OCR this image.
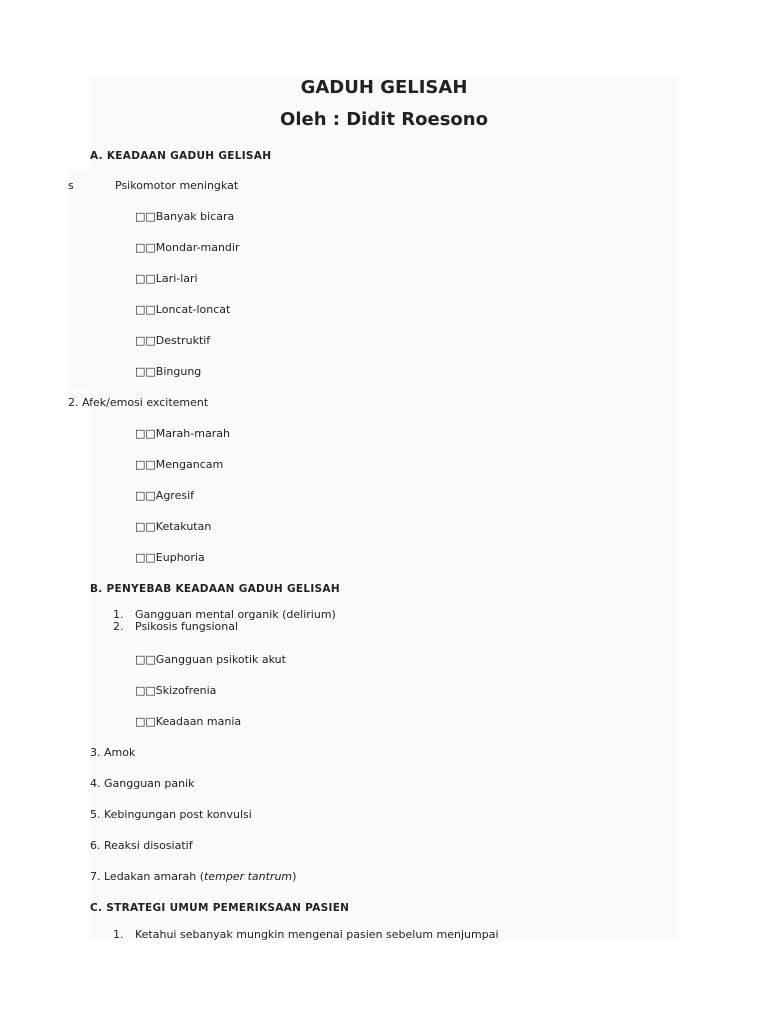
GADUH GELISAH
Oleh : Didit Roesono

A. KEADAAN GADUH GELISAH

s	Psikomotor meningkat

□□Banyak bicara

□□Mondar-mandir

□□Lari-lari

□□Loncat-loncat

□□Destruktif

□□Bingung

2. Afek/emosi excitement

□□Marah-marah

□□Mengancam

□□Agresif

□□Ketakutan

□□Euphoria

B. PENYEBAB KEADAAN GADUH GELISAH

1. Gangguan mental organik (delirium)

2. Psikosis fungsional

□□Gangguan psikotik akut

□□Skizofrenia

□□Keadaan mania

3. Amok

4. Gangguan panik

5. Kebingungan post konvulsi

6. Reaksi disosiatif

7. Ledakan amarah (temper tantrum)

C. STRATEGI UMUM PEMERIKSAAN PASIEN

1. Ketahui sebanyak mungkin mengenai pasien sebelum menjumpai
